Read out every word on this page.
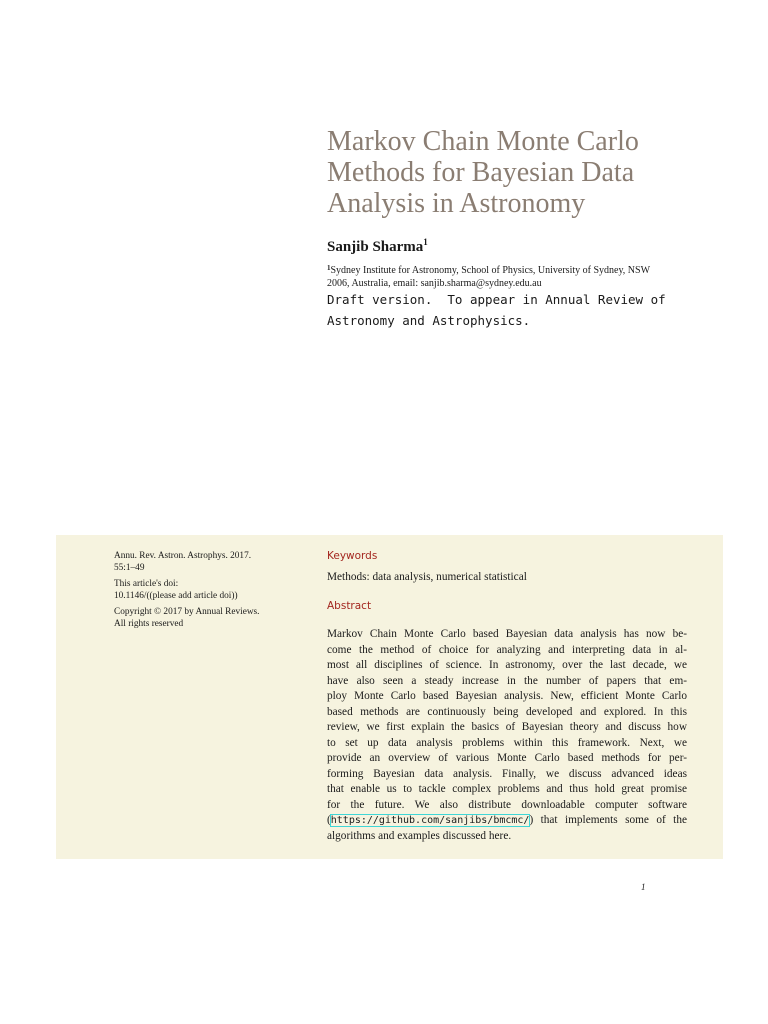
Markov Chain Monte Carlo
Methods for Bayesian Data
Analysis in Astronomy
Sanjib Sharma$^1$
$^1$Sydney Institute for Astronomy, School of Physics, University of Sydney, NSW
2006, Australia, email: sanjib.sharma@sydney.edu.au
Draft version.  To appear in Annual Review of
Astronomy and Astrophysics.
Annu. Rev. Astron. Astrophys. 2017.
55:1–49
This article's doi:
10.1146/((please add article doi))
Copyright © 2017 by Annual Reviews.
All rights reserved
Keywords
Methods: data analysis, numerical statistical
Abstract
Markov Chain Monte Carlo based Bayesian data analysis has now be-
come the method of choice for analyzing and interpreting data in al-
most all disciplines of science. In astronomy, over the last decade, we
have also seen a steady increase in the number of papers that em-
ploy Monte Carlo based Bayesian analysis. New, efficient Monte Carlo
based methods are continuously being developed and explored. In this
review, we first explain the basics of Bayesian theory and discuss how
to set up data analysis problems within this framework. Next, we
provide an overview of various Monte Carlo based methods for per-
forming Bayesian data analysis. Finally, we discuss advanced ideas
that enable us to tackle complex problems and thus hold great promise
for the future. We also distribute downloadable computer software
(https://github.com/sanjibs/bmcmc/) that implements some of the
algorithms and examples discussed here.
1
